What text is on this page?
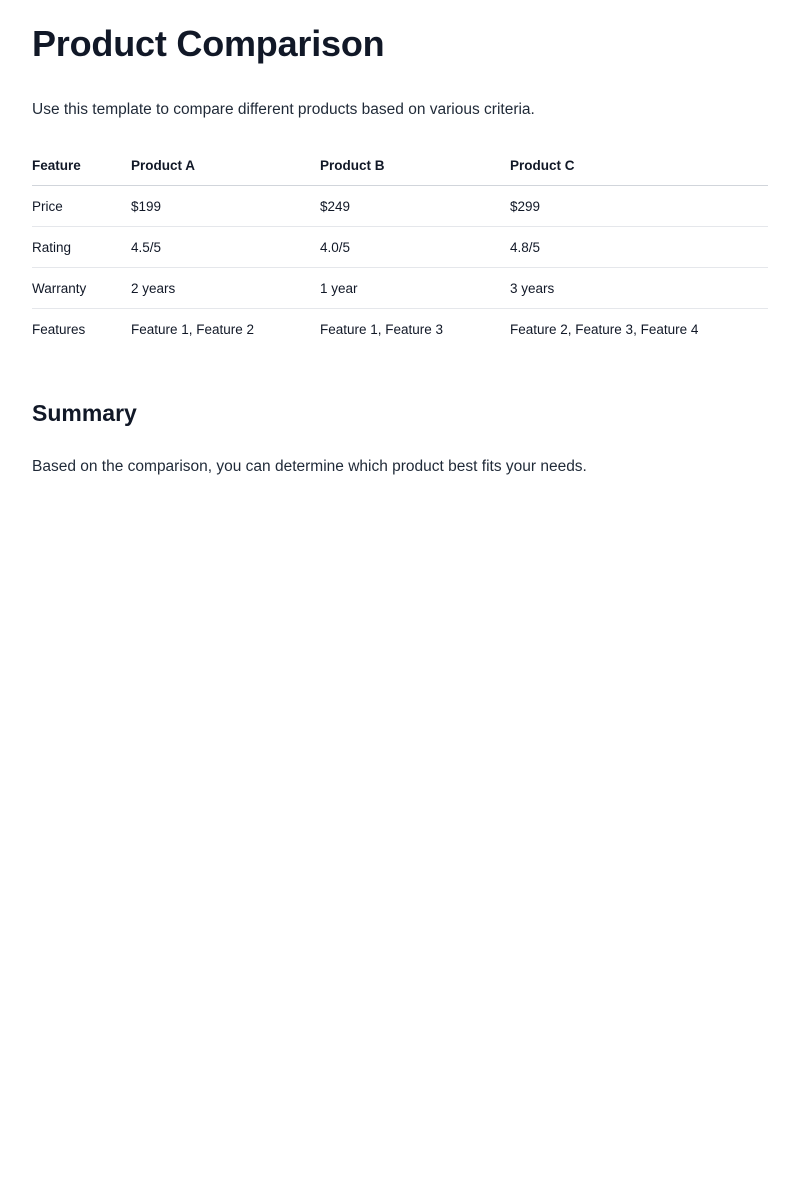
Product Comparison

Use this template to compare different products based on various criteria.

Feature	Product A	Product B	Product C
Price	$199	$249	$299
Rating	4.5/5	4.0/5	4.8/5
Warranty	2 years	1 year	3 years
Features	Feature 1, Feature 2	Feature 1, Feature 3	Feature 2, Feature 3, Feature 4
Summary

Based on the comparison, you can determine which product best fits your needs.
